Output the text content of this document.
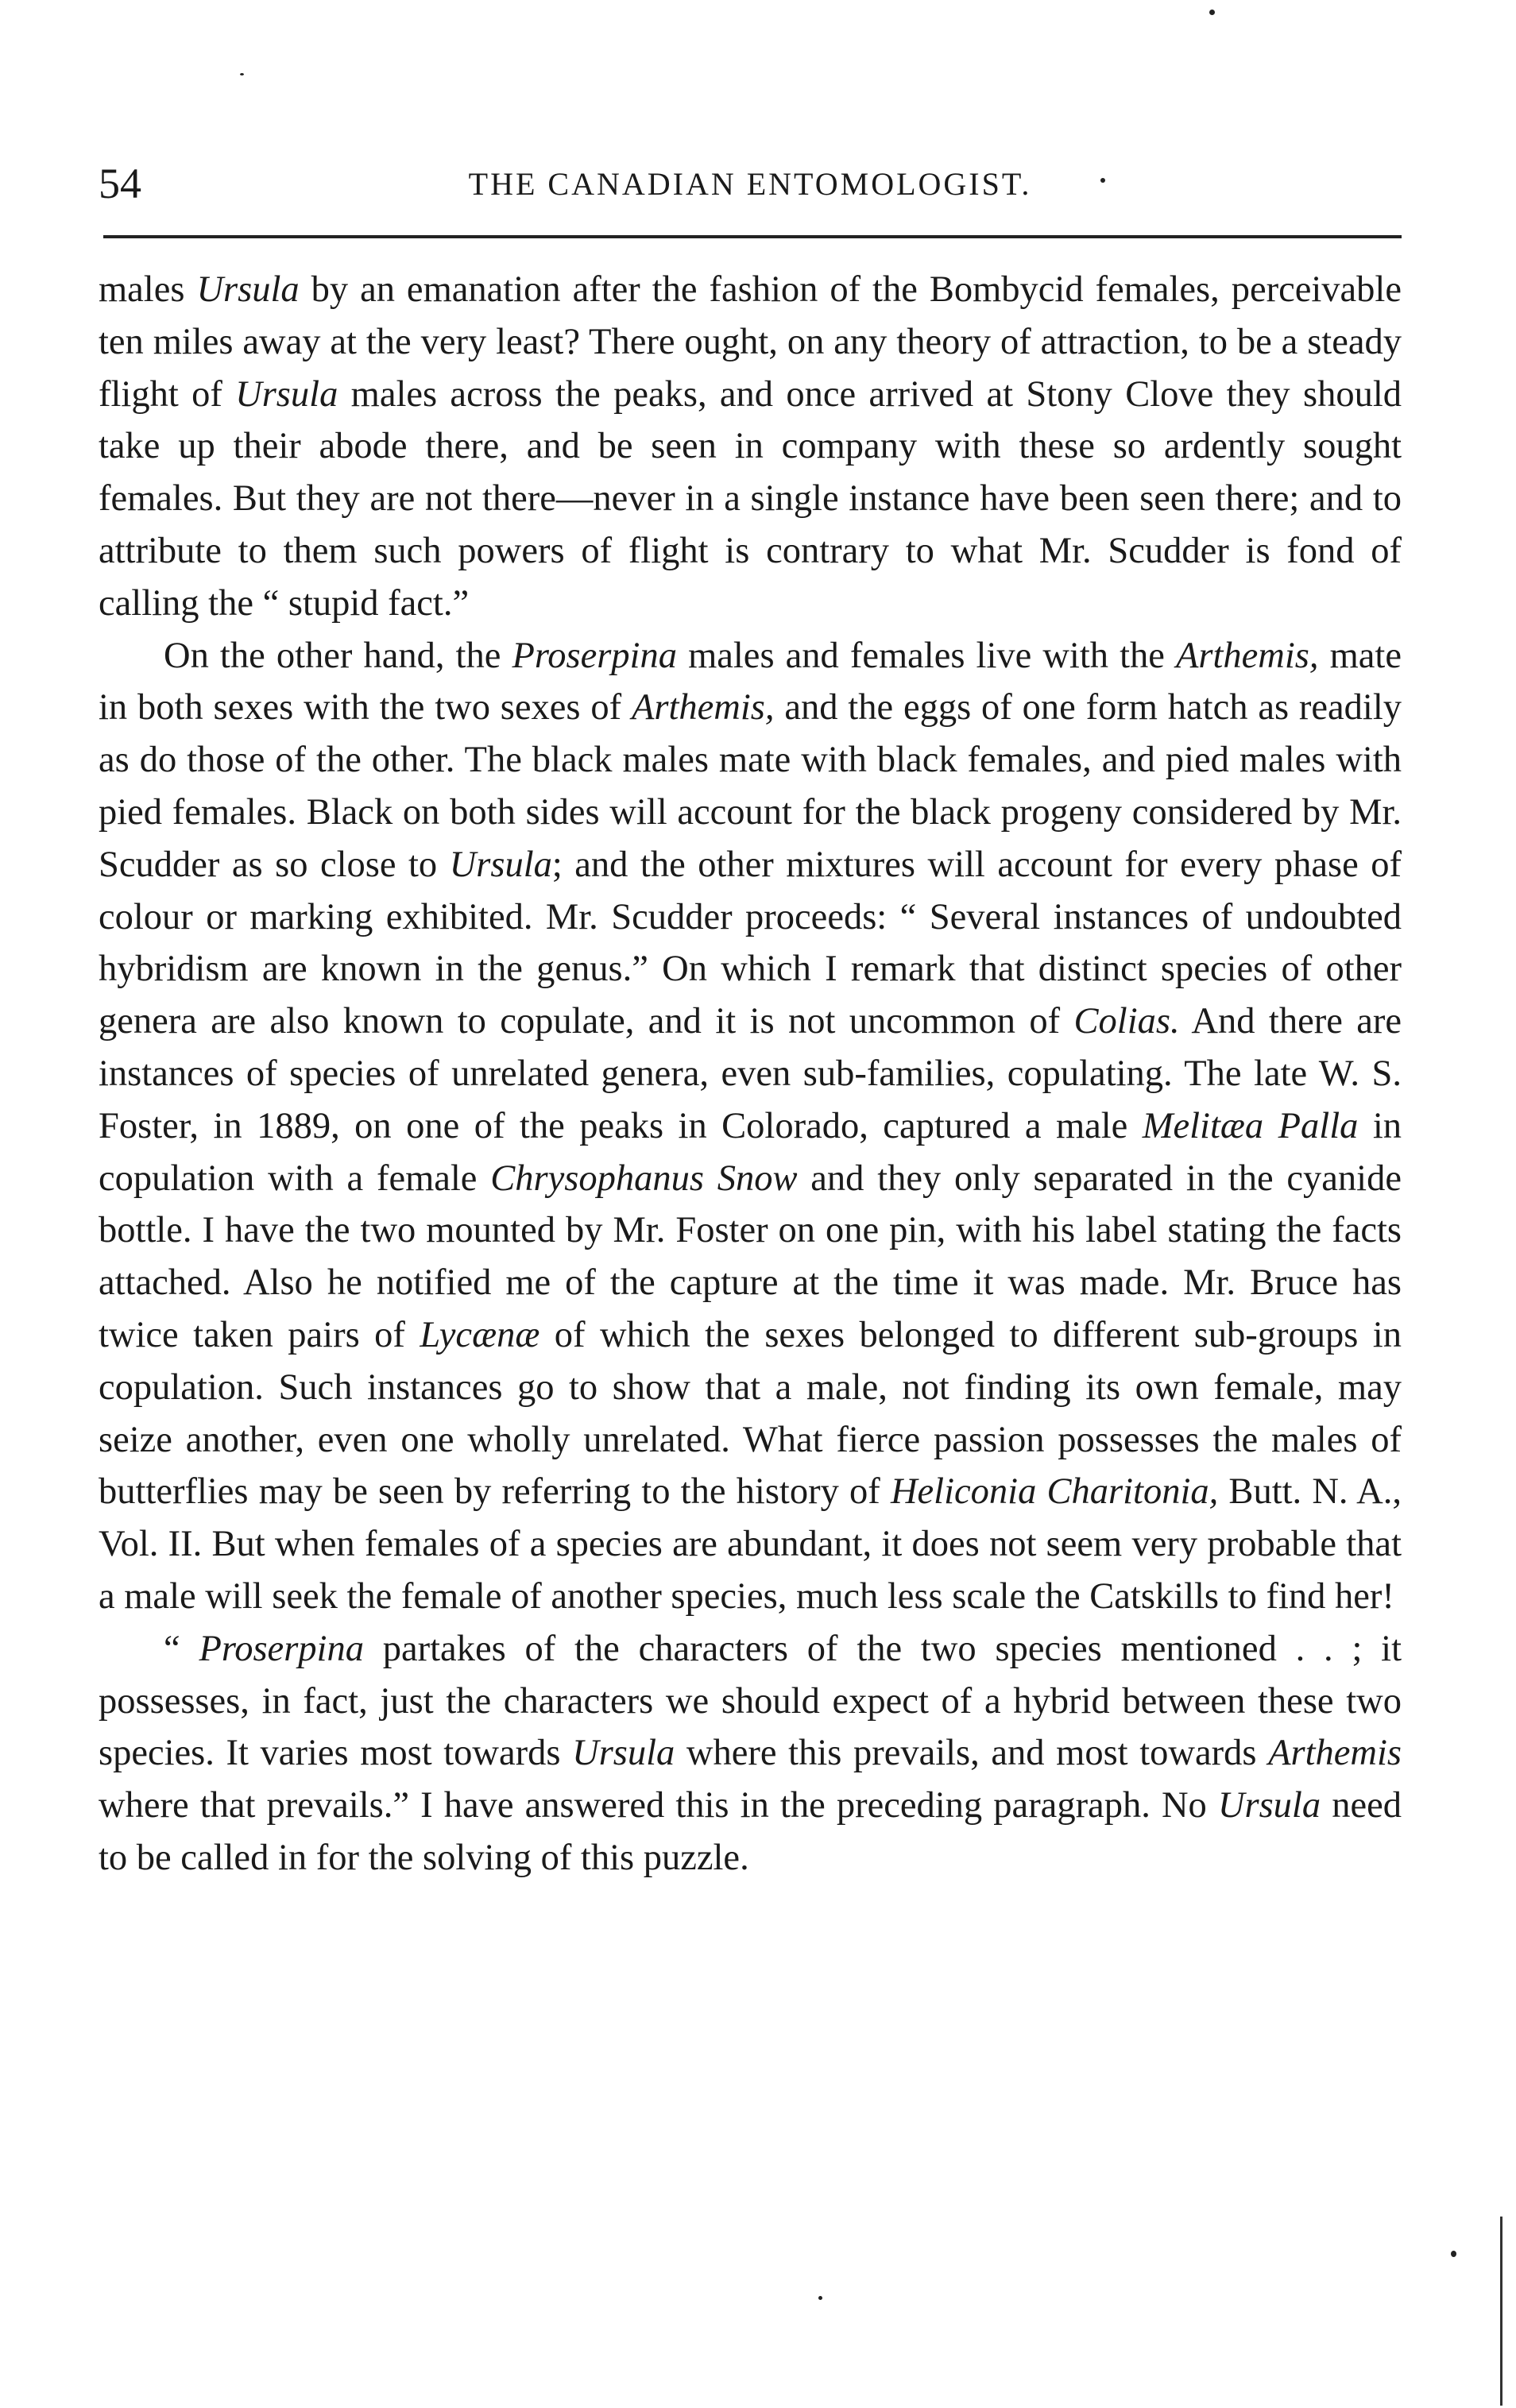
54	THE CANADIAN ENTOMOLOGIST.

males Ursula by an emanation after the fashion of the Bombycid females, perceivable ten miles away at the very least? There ought, on any theory of attraction, to be a steady flight of Ursula males across the peaks, and once arrived at Stony Clove they should take up their abode there, and be seen in company with these so ardently sought females. But they are not there—never in a single instance have been seen there; and to attribute to them such powers of flight is contrary to what Mr. Scudder is fond of calling the “ stupid fact.”

On the other hand, the Proserpina males and females live with the Arthemis, mate in both sexes with the two sexes of Arthemis, and the eggs of one form hatch as readily as do those of the other. The black males mate with black females, and pied males with pied females. Black on both sides will account for the black progeny considered by Mr. Scudder as so close to Ursula; and the other mixtures will account for every phase of colour or marking exhibited. Mr. Scudder proceeds: “ Several instances of undoubted hybridism are known in the genus.” On which I remark that distinct species of other genera are also known to copulate, and it is not uncommon of Colias. And there are instances of species of unrelated genera, even sub-families, copulating. The late W. S. Foster, in 1889, on one of the peaks in Colorado, captured a male Melitæa Palla in copulation with a female Chrysophanus Snow and they only separated in the cyanide bottle. I have the two mounted by Mr. Foster on one pin, with his label stating the facts attached. Also he notified me of the capture at the time it was made. Mr. Bruce has twice taken pairs of Lycænæ of which the sexes belonged to different sub-groups in copulation. Such instances go to show that a male, not finding its own female, may seize another, even one wholly unrelated. What fierce passion possesses the males of butterflies may be seen by referring to the history of Heliconia Charitonia, Butt. N. A., Vol. II. But when females of a species are abundant, it does not seem very probable that a male will seek the female of another species, much less scale the Catskills to find her!

“ Proserpina partakes of the characters of the two species mentioned . . ; it possesses, in fact, just the characters we should expect of a hybrid between these two species. It varies most towards Ursula where this prevails, and most towards Arthemis where that prevails.” I have answered this in the preceding paragraph. No Ursula need to be called in for the solving of this puzzle.
